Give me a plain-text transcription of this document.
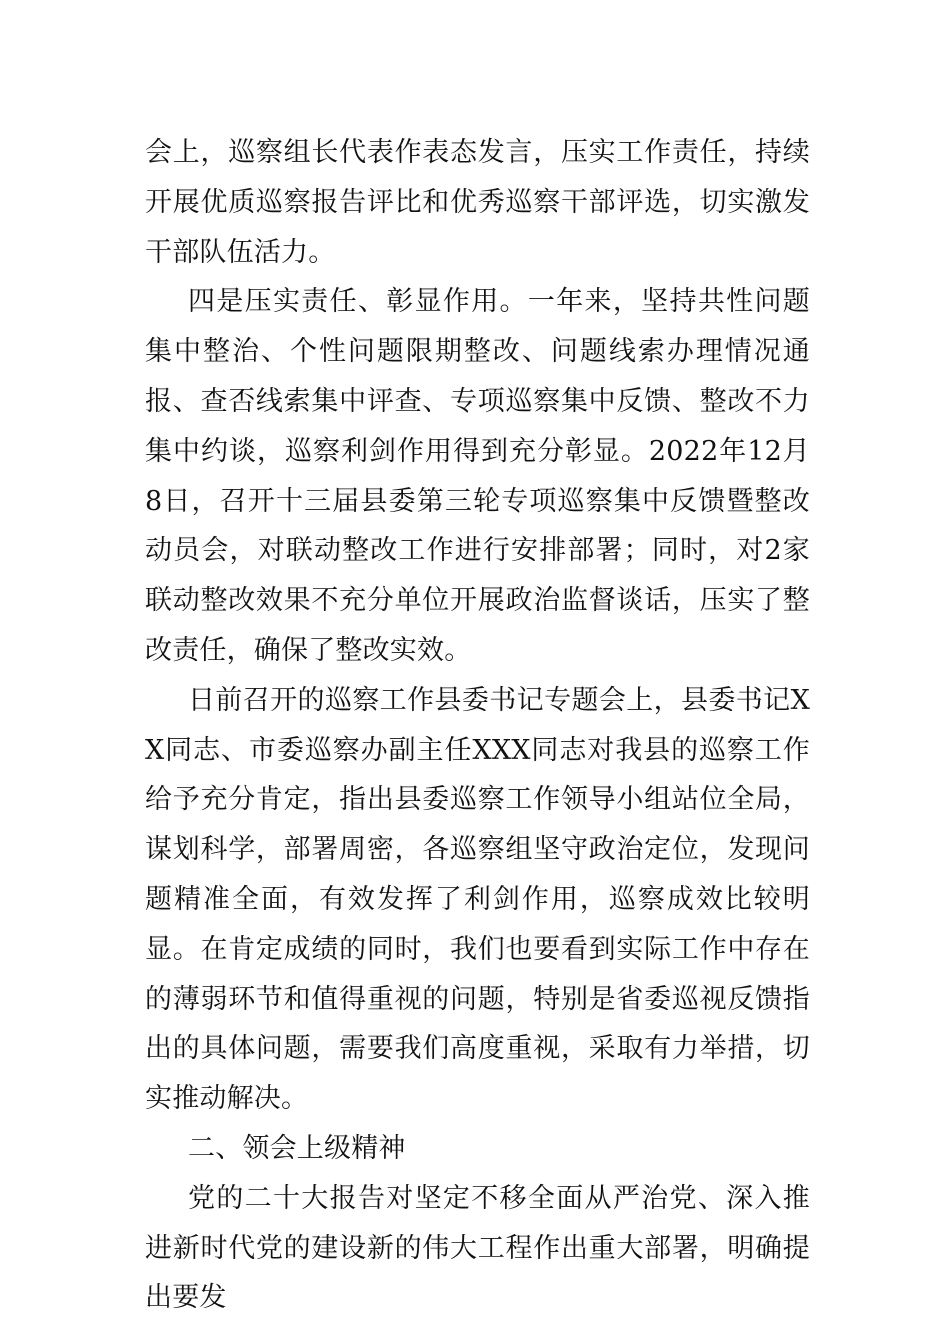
会上，巡察组长代表作表态发言，压实工作责任，持续开展优质巡察报告评比和优秀巡察干部评选，切实激发干部队伍活力。

四是压实责任、彰显作用。一年来，坚持共性问题集中整治、个性问题限期整改、问题线索办理情况通报、查否线索集中评查、专项巡察集中反馈、整改不力集中约谈，巡察利剑作用得到充分彰显。2022年12月8日，召开十三届县委第三轮专项巡察集中反馈暨整改动员会，对联动整改工作进行安排部署；同时，对2家联动整改效果不充分单位开展政治监督谈话，压实了整改责任，确保了整改实效。

日前召开的巡察工作县委书记专题会上，县委书记XX同志、市委巡察办副主任XXX同志对我县的巡察工作给予充分肯定，指出县委巡察工作领导小组站位全局，谋划科学，部署周密，各巡察组坚守政治定位，发现问题精准全面，有效发挥了利剑作用，巡察成效比较明显。在肯定成绩的同时，我们也要看到实际工作中存在的薄弱环节和值得重视的问题，特别是省委巡视反馈指出的具体问题，需要我们高度重视，采取有力举措，切实推动解决。

二、领会上级精神

党的二十大报告对坚定不移全面从严治党、深入推进新时代党的建设新的伟大工程作出重大部署，明确提出要发
